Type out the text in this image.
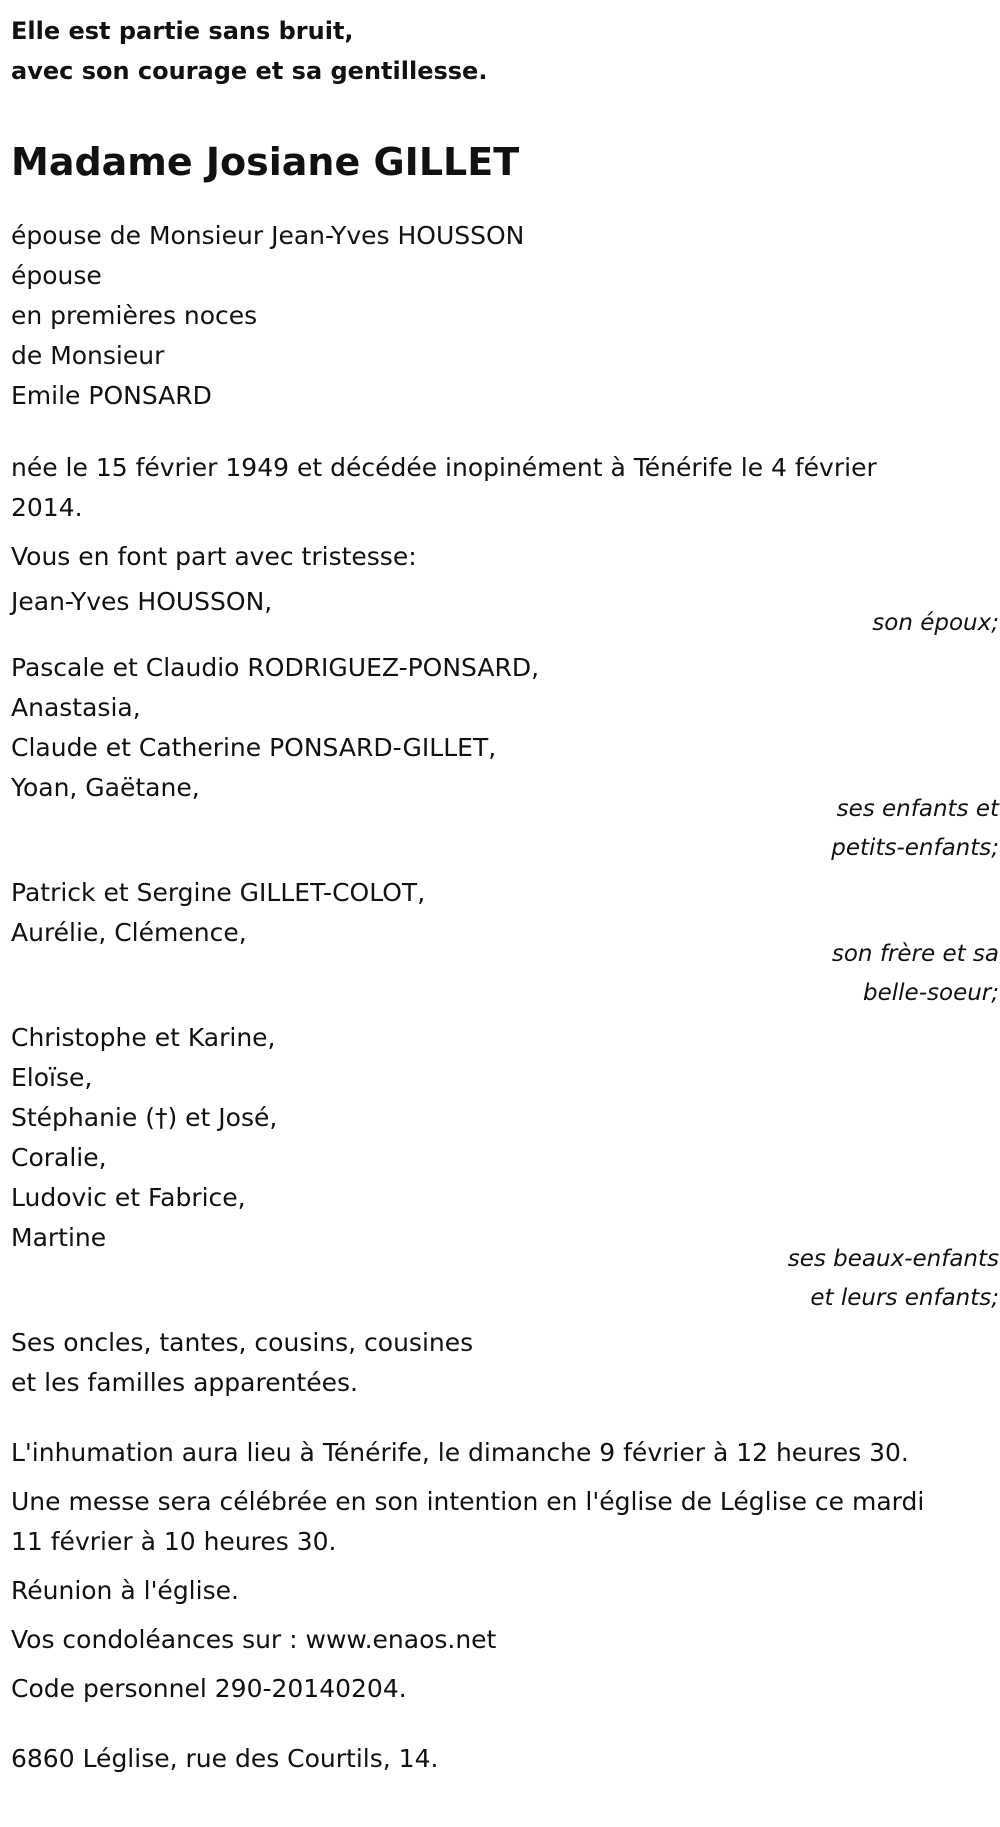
Elle est partie sans bruit,
avec son courage et sa gentillesse.
Madame Josiane GILLET
épouse de Monsieur Jean-Yves HOUSSON
épouse
en premières noces
de Monsieur
Emile PONSARD
née le 15 février 1949 et décédée inopinément à Ténérife le 4 février
2014.
Vous en font part avec tristesse:
Jean-Yves HOUSSON,
son époux;
Pascale et Claudio RODRIGUEZ-PONSARD,
Anastasia,
Claude et Catherine PONSARD-GILLET,
Yoan, Gaëtane,
ses enfants et
petits-enfants;
Patrick et Sergine GILLET-COLOT,
Aurélie, Clémence,
son frère et sa
belle-soeur;
Christophe et Karine,
Eloïse,
Stéphanie (†) et José,
Coralie,
Ludovic et Fabrice,
Martine
ses beaux-enfants
et leurs enfants;
Ses oncles, tantes, cousins, cousines
et les familles apparentées.
L'inhumation aura lieu à Ténérife, le dimanche 9 février à 12 heures 30.
Une messe sera célébrée en son intention en l'église de Léglise ce mardi
11 février à 10 heures 30.
Réunion à l'église.
Vos condoléances sur : www.enaos.net
Code personnel 290-20140204.
6860 Léglise, rue des Courtils, 14.
